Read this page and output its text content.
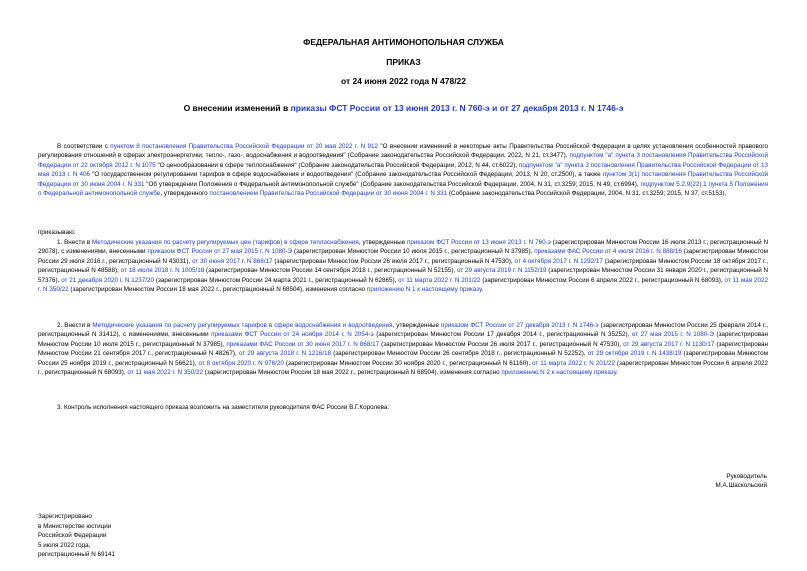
ФЕДЕРАЛЬНАЯ АНТИМОНОПОЛЬНАЯ СЛУЖБА
ПРИКАЗ
от 24 июня 2022 года N 478/22
О внесении изменений в приказы ФСТ России от 13 июня 2013 г. N 760-э и от 27 декабря 2013 г. N 1746-э
В соответствии с пунктом 8 постановления Правительства Российской Федерации от 20 мая 2022 г. N 912 "О внесении изменений в некоторые акты Правительства Российской Федерации в целях установления особенностей правового регулирования отношений в сферах электроэнергетики, тепло-, газо-, водоснабжения и водоотведения" (Собрание законодательства Российской Федерации, 2022, N 21, ст.3477), подпунктом "а" пункта 3 постановления Правительства Российской Федерации от 22 октября 2012 г. N 1075 "О ценообразовании в сфере теплоснабжения" (Собрание законодательства Российской Федерации, 2012, N 44, ст.6022), подпунктом "а" пункта 3 постановления Правительства Российской Федерации от 13 мая 2013 г. N 406 "О государственном регулировании тарифов в сфере водоснабжения и водоотведения" (Собрание законодательства Российской Федерации, 2013, N 20, ст.2500), а также пунктом 3(1) постановления Правительства Российской Федерации от 30 июня 2004 г. N 331 "Об утверждении Положения о Федеральной антимонопольной службе" (Собрание законодательства Российской Федерации, 2004, N 31, ст.3259; 2015, N 49, ст.6994), подпунктом 5.2.9(22).1 пункта 5 Положения о Федеральной антимонопольной службе, утвержденного постановлением Правительства Российской Федерации от 30 июня 2004 г. N 331 (Собрание законодательства Российской Федерации, 2004, N 31, ст.3259; 2015, N 37, ст.5153),
приказываю:
1. Внести в Методические указания по расчету регулируемых цен (тарифов) в сфере теплоснабжения, утвержденные приказом ФСТ России от 13 июня 2013 г. N 760-э (зарегистрирован Минюстом России 16 июля 2013 г., регистрационный N 29078), с изменениями, внесенными приказом ФСТ России от 27 мая 2015 г. N 1080-Э (зарегистрирован Минюстом России 10 июля 2015 г., регистрационный N 37985), приказами ФАС России от 4 июля 2016 г. N 888/16 (зарегистрирован Минюстом России 29 июля 2016 г., регистрационный N 43031), от 30 июня 2017 г. N 868/17 (зарегистрирован Минюстом России 26 июля 2017 г., регистрационный N 47530), от 4 октября 2017 г. N 1292/17 (зарегистрирован Минюстом России 18 октября 2017 г., регистрационный N 48588), от 18 июля 2018 г. N 1005/18 (зарегистрирован Минюстом России 14 сентября 2018 г., регистрационный N 52155), от 29 августа 2019 г. N 1152/19 (зарегистрирован Минюстом России 31 января 2020 г., регистрационный N 57376), от 21 декабря 2020 г. N 1237/20 (зарегистрирован Минюстом России 24 марта 2021 г., регистрационный N 62865), от 11 марта 2022 г. N 201/22 (зарегистрирован Минюстом России 6 апреля 2022 г., регистрационный N 68093), от 11 мая 2022 г. N 350/22 (зарегистрирован Минюстом России 18 мая 2022 г., регистрационный N 68504), изменения согласно приложению N 1 к настоящему приказу.
2. Внести в Методические указания по расчету регулируемых тарифов в сфере водоснабжения и водоотведения, утвержденные приказом ФСТ России от 27 декабря 2013 г. N 1746-э (зарегистрирован Минюстом России 25 февраля 2014 г., регистрационный N 31412), с изменениями, внесенными приказами ФСТ России от 24 ноября 2014 г. N 2054-э (зарегистрирован Минюстом России 17 декабря 2014 г., регистрационный N 35252), от 27 мая 2015 г. N 1080-Э (зарегистрирован Минюстом России 10 июля 2015 г., регистрационный N 37985), приказами ФАС России от 30 июня 2017 г. N 868/17 (зарегистрирован Минюстом России 26 июля 2017 г., регистрационный N 47530), от 29 августа 2017 г. N 1130/17 (зарегистрирован Минюстом России 21 сентября 2017 г., регистрационный N 48267), от 29 августа 2018 г. N 1216/18 (зарегистрирован Минюстом России 26 сентября 2018 г., регистрационный N 52252), от 29 октября 2019 г. N 1438/19 (зарегистрирован Минюстом России 25 ноября 2019 г., регистрационный N 56621), от 8 октября 2020 г. N 976/20 (зарегистрирован Минюстом России 30 ноября 2020 г., регистрационный N 61160), от 11 марта 2022 г. N 201/22 (зарегистрирован Минюстом России 6 апреля 2022 г., регистрационный N 68093), от 11 мая 2022 г. N 350/22 (зарегистрирован Минюстом России 18 мая 2022 г., регистрационный N 68504), изменения согласно приложению N 2 к настоящему приказу.
3. Контроль исполнения настоящего приказа возложить на заместителя руководителя ФАС России В.Г.Королева.
Руководитель
М.А.Шаскольский
Зарегистрировано
в Министерстве юстиции
Российской Федерации
5 июля 2022 года,
регистрационный N 69141
